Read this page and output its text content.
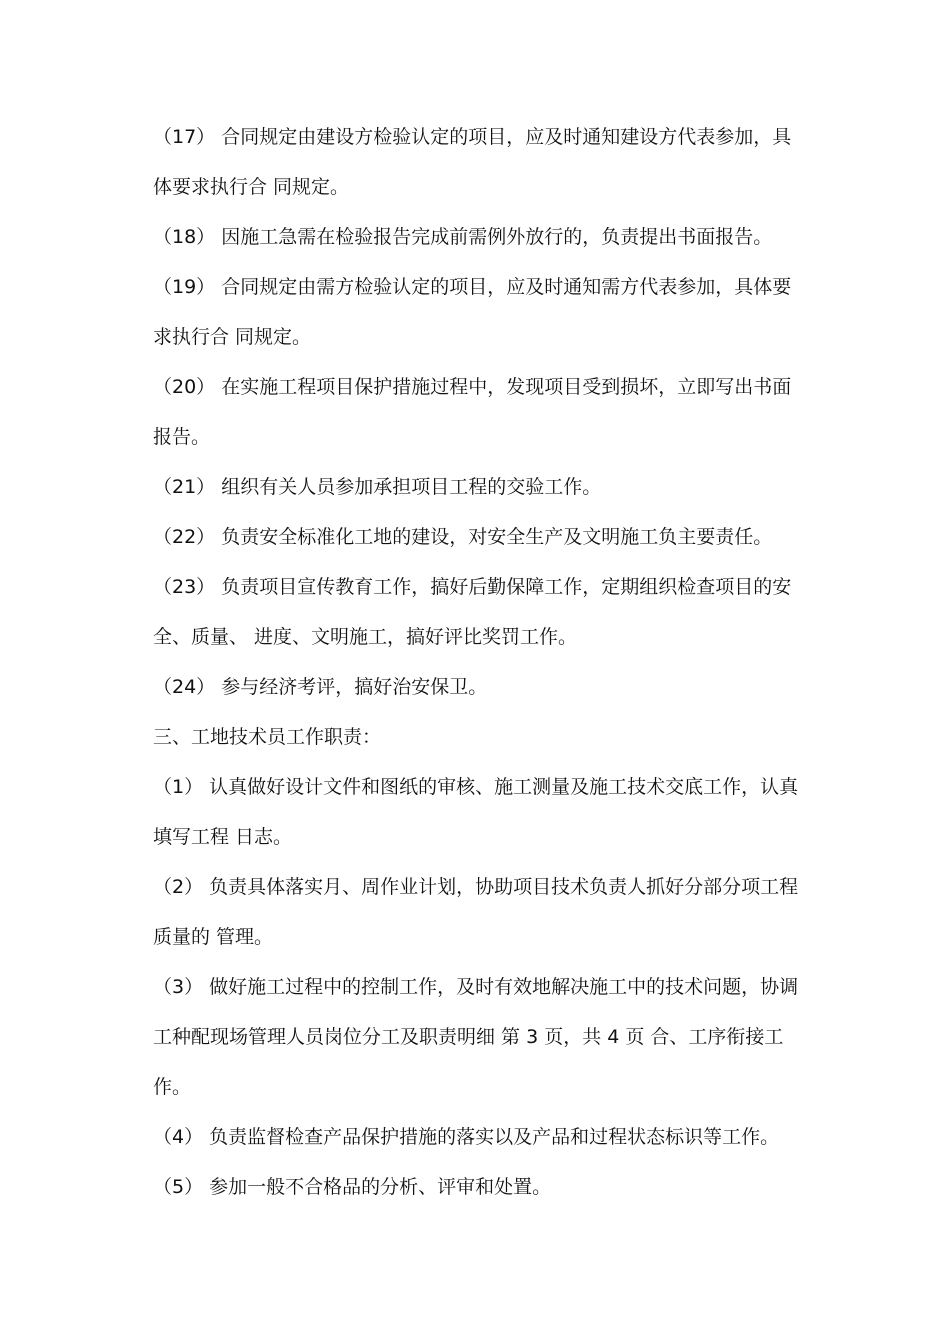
（17） 合同规定由建设方检验认定的项目，应及时通知建设方代表参加，具
体要求执行合 同规定。
（18） 因施工急需在检验报告完成前需例外放行的，负责提出书面报告。
（19） 合同规定由需方检验认定的项目，应及时通知需方代表参加，具体要
求执行合 同规定。
（20） 在实施工程项目保护措施过程中，发现项目受到损坏，立即写出书面
报告。
（21） 组织有关人员参加承担项目工程的交验工作。
（22） 负责安全标准化工地的建设，对安全生产及文明施工负主要责任。
（23） 负责项目宣传教育工作，搞好后勤保障工作，定期组织检查项目的安
全、质量、 进度、文明施工，搞好评比奖罚工作。
（24） 参与经济考评，搞好治安保卫。
三、工地技术员工作职责：
（1） 认真做好设计文件和图纸的审核、施工测量及施工技术交底工作，认真
填写工程 日志。
（2） 负责具体落实月、周作业计划，协助项目技术负责人抓好分部分项工程
质量的 管理。
（3） 做好施工过程中的控制工作，及时有效地解决施工中的技术问题，协调
工种配现场管理人员岗位分工及职责明细 第 3 页，共 4 页 合、工序衔接工
作。
（4） 负责监督检查产品保护措施的落实以及产品和过程状态标识等工作。
（5） 参加一般不合格品的分析、评审和处置。
